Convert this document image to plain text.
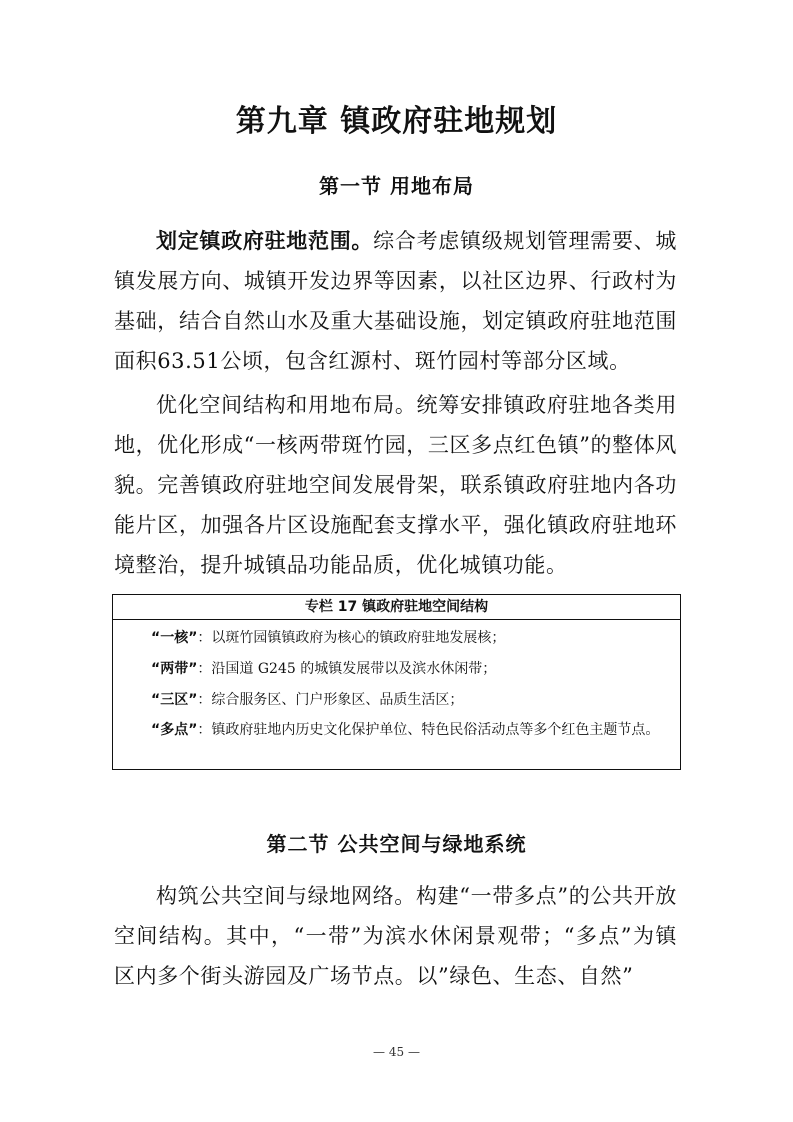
第九章 镇政府驻地规划
第一节 用地布局

划定镇政府驻地范围。综合考虑镇级规划管理需要、城镇发展方向、城镇开发边界等因素，以社区边界、行政村为基础，结合自然山水及重大基础设施，划定镇政府驻地范围面积63.51公顷，包含红源村、斑竹园村等部分区域。

优化空间结构和用地布局。统筹安排镇政府驻地各类用地，优化形成“一核两带斑竹园，三区多点红色镇”的整体风貌。完善镇政府驻地空间发展骨架，联系镇政府驻地内各功能片区，加强各片区设施配套支撑水平，强化镇政府驻地环境整治，提升城镇品功能品质，优化城镇功能。

专栏 17 镇政府驻地空间结构
“一核”：以斑竹园镇镇政府为核心的镇政府驻地发展核；
“两带”：沿国道 G245 的城镇发展带以及滨水休闲带；
“三区”：综合服务区、门户形象区、品质生活区；
“多点”：镇政府驻地内历史文化保护单位、特色民俗活动点等多个红色主题节点。
第二节 公共空间与绿地系统

构筑公共空间与绿地网络。构建“一带多点”的公共开放空间结构。其中，“一带”为滨水休闲景观带；“多点”为镇区内多个街头游园及广场节点。以”绿色、生态、自然”

— 45 —
